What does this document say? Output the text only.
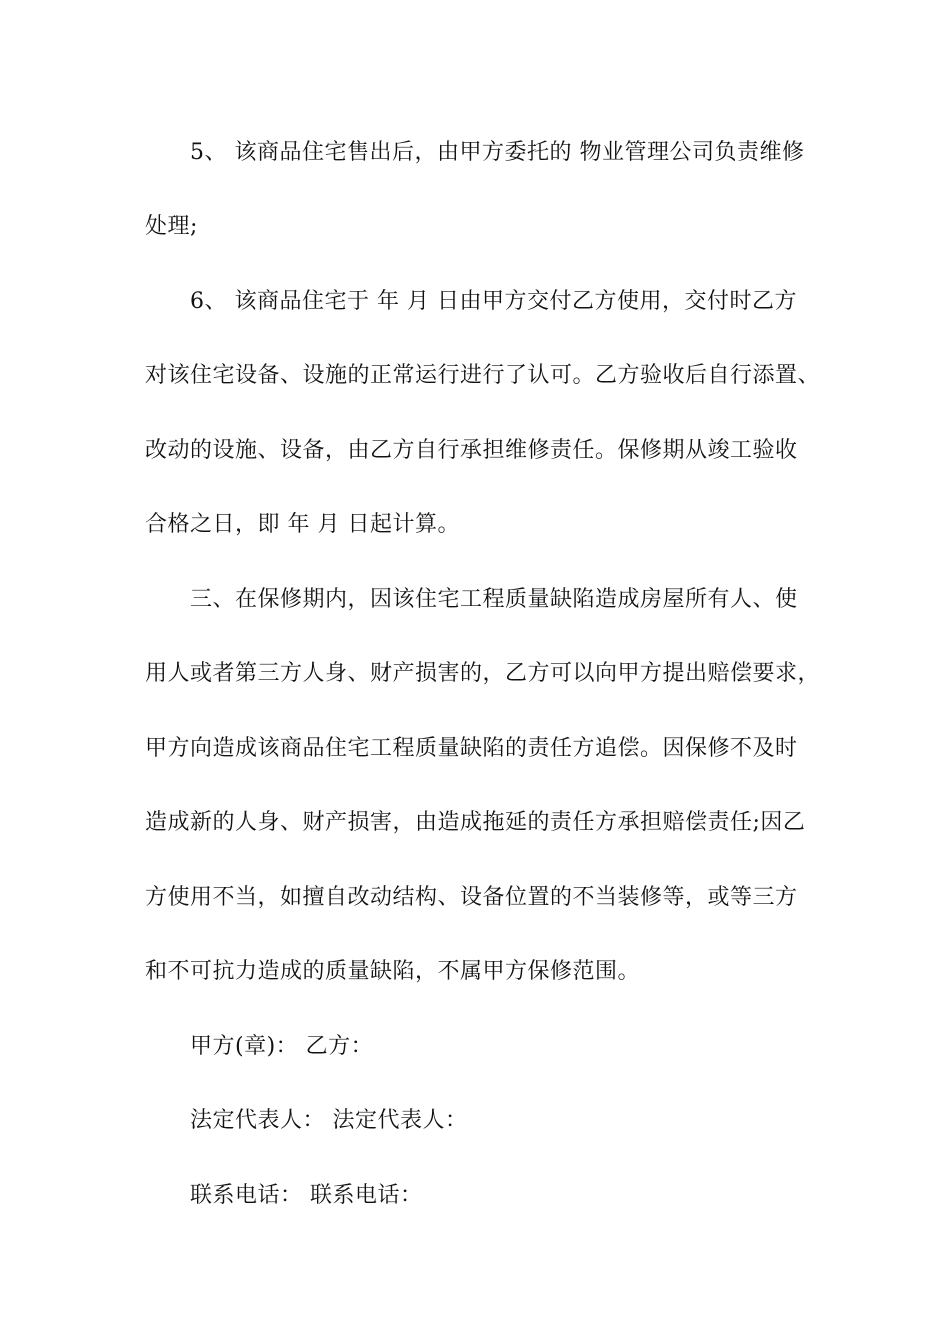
5、 该商品住宅售出后，由甲方委托的 物业管理公司负责维修
处理;
6、 该商品住宅于 年 月 日由甲方交付乙方使用，交付时乙方
对该住宅设备、设施的正常运行进行了认可。乙方验收后自行添置、
改动的设施、设备，由乙方自行承担维修责任。保修期从竣工验收
合格之日，即 年 月 日起计算。
三、在保修期内，因该住宅工程质量缺陷造成房屋所有人、使
用人或者第三方人身、财产损害的，乙方可以向甲方提出赔偿要求，
甲方向造成该商品住宅工程质量缺陷的责任方追偿。因保修不及时
造成新的人身、财产损害，由造成拖延的责任方承担赔偿责任;因乙
方使用不当，如擅自改动结构、设备位置的不当装修等，或等三方
和不可抗力造成的质量缺陷，不属甲方保修范围。
甲方(章)： 乙方：
法定代表人： 法定代表人：
联系电话： 联系电话：
